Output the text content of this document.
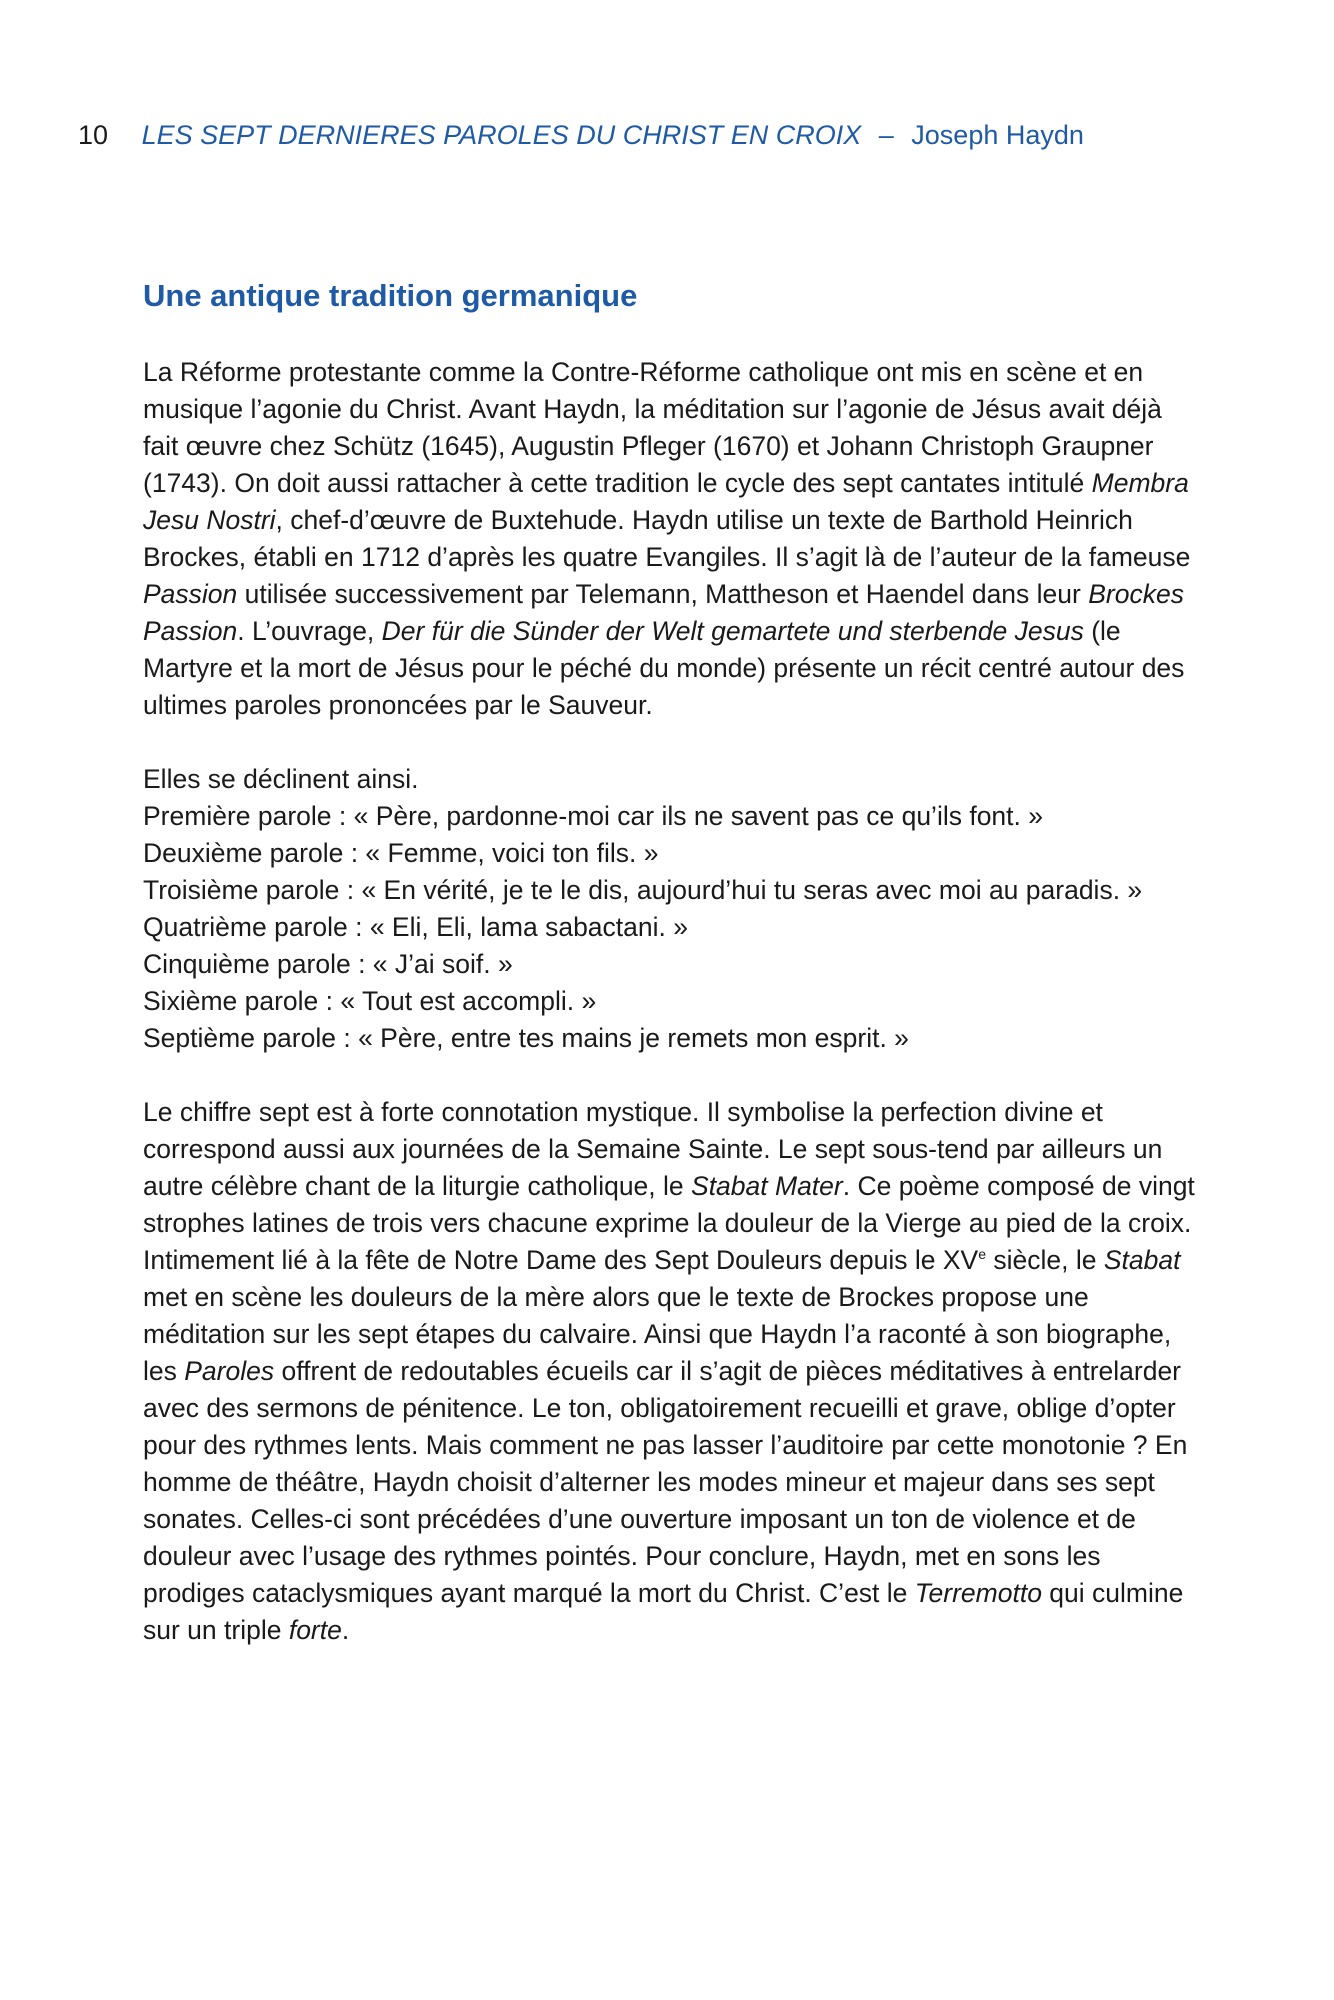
10 LES SEPT DERNIERES PAROLES DU CHRIST EN CROIX – Joseph Haydn
Une antique tradition germanique

La Réforme protestante comme la Contre-Réforme catholique ont mis en scène et en musique l’agonie du Christ. Avant Haydn, la méditation sur l’agonie de Jésus avait déjà fait œuvre chez Schütz (1645), Augustin Pfleger (1670) et Johann Christoph Graupner (1743). On doit aussi rattacher à cette tradition le cycle des sept cantates intitulé Membra Jesu Nostri, chef-d’œuvre de Buxtehude. Haydn utilise un texte de Barthold Heinrich Brockes, établi en 1712 d’après les quatre Evangiles. Il s’agit là de l’auteur de la fameuse Passion utilisée successivement par Telemann, Mattheson et Haendel dans leur Brockes Passion. L’ouvrage, Der für die Sünder der Welt gemartete und sterbende Jesus (le Martyre et la mort de Jésus pour le péché du monde) présente un récit centré autour des ultimes paroles prononcées par le Sauveur.

Elles se déclinent ainsi.
Première parole : « Père, pardonne-moi car ils ne savent pas ce qu’ils font. »
Deuxième parole : « Femme, voici ton fils. »
Troisième parole : « En vérité, je te le dis, aujourd’hui tu seras avec moi au paradis. »
Quatrième parole : « Eli, Eli, lama sabactani. »
Cinquième parole : « J’ai soif. »
Sixième parole : « Tout est accompli. »
Septième parole : « Père, entre tes mains je remets mon esprit. »

Le chiffre sept est à forte connotation mystique. Il symbolise la perfection divine et correspond aussi aux journées de la Semaine Sainte. Le sept sous-tend par ailleurs un autre célèbre chant de la liturgie catholique, le Stabat Mater. Ce poème composé de vingt strophes latines de trois vers chacune exprime la douleur de la Vierge au pied de la croix. Intimement lié à la fête de Notre Dame des Sept Douleurs depuis le XVe siècle, le Stabat met en scène les douleurs de la mère alors que le texte de Brockes propose une méditation sur les sept étapes du calvaire. Ainsi que Haydn l’a raconté à son biographe, les Paroles offrent de redoutables écueils car il s’agit de pièces méditatives à entrelarder avec des sermons de pénitence. Le ton, obligatoirement recueilli et grave, oblige d’opter pour des rythmes lents. Mais comment ne pas lasser l’auditoire par cette monotonie ? En homme de théâtre, Haydn choisit d’alterner les modes mineur et majeur dans ses sept sonates. Celles-ci sont précédées d’une ouverture imposant un ton de violence et de douleur avec l’usage des rythmes pointés. Pour conclure, Haydn, met en sons les prodiges cataclysmiques ayant marqué la mort du Christ. C’est le Terremotto qui culmine sur un triple forte.
